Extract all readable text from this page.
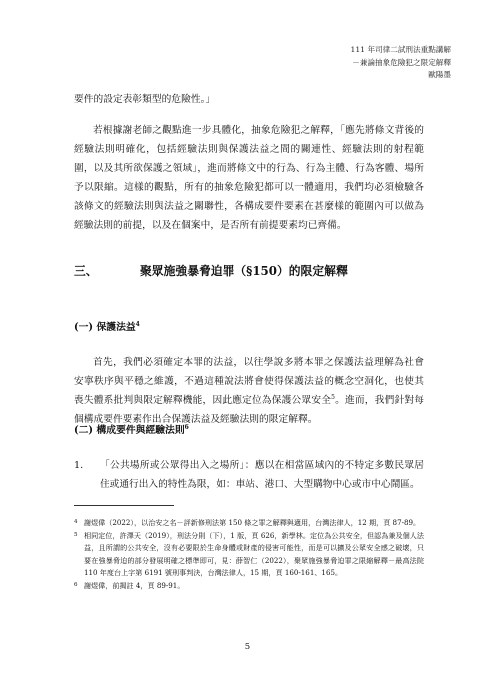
111 年司律二試刑法重點講解
－兼論抽象危險犯之限定解釋
歐陽墨

要件的設定表彰類型的危險性。」

若根據謝老師之觀點進一步具體化，抽象危險犯之解釋，「應先將條文背後的經驗法則明確化，包括經驗法則與保護法益之間的關連性、經驗法則的射程範圍，以及其所欲保護之領域」，進而將條文中的行為、行為主體、行為客體、場所予以限縮。這樣的觀點，所有的抽象危險犯都可以一體適用，我們均必須檢驗各該條文的經驗法則與法益之關聯性，各構成要件要素在甚麼樣的範圍內可以做為經驗法則的前提，以及在個案中，是否所有前提要素均已齊備。

三、	聚眾施強暴脅迫罪（§150）的限定解釋
(一) 保護法益$^4$

首先，我們必須確定本罪的法益，以往學說多將本罪之保護法益理解為社會安寧秩序與平穩之維護，不過這種說法將會使得保護法益的概念空洞化，也使其喪失體系批判與限定解釋機能，因此應定位為保護公眾安全$^5$。進而，我們針對每個構成要件要素作出合保護法益及經驗法則的限定解釋。

(二) 構成要件與經驗法則$^6$
1. 「公共場所或公眾得出入之場所」：應以在相當區域內的不特定多數民眾居住或通行出入的特性為限，如：車站、港口、大型購物中心或市中心鬧區。

4 謝煜偉（2022），以治安之名－評新修刑法第 150 條之罪之解釋與適用，台灣法律人，12 期，頁 87-89。

5 相同定位，許澤天（2019），刑法分則（下），1 版，頁 626，新學林。定位為公共安全，但認為兼及個人法益，且所謂的公共安全，沒有必要限於生命身體或財產的侵害可能性，而是可以擴及公眾安全感之破壞，只要在強暴脅迫的部分發展明確之標準即可，見：薛智仁（2022），聚眾施強暴脅迫罪之限縮解釋－最高法院 110 年度台上字第 6191 號刑事判決，台灣法律人，15 期，頁 160-161、165。

6 謝煜偉，前揭註 4，頁 89-91。

5
